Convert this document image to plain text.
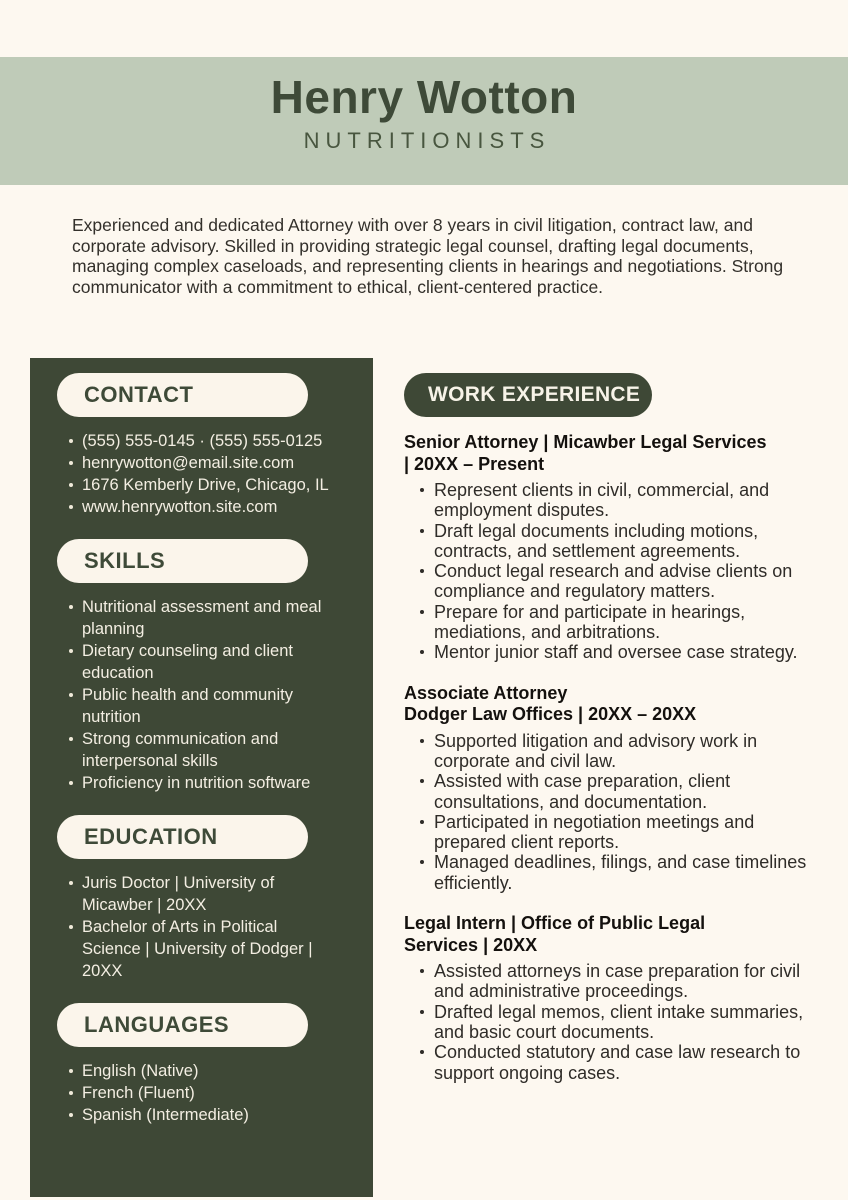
Henry Wotton
NUTRITIONISTS

Experienced and dedicated Attorney with over 8 years in civil litigation, contract law, and corporate advisory. Skilled in providing strategic legal counsel, drafting legal documents, managing complex caseloads, and representing clients in hearings and negotiations. Strong communicator with a commitment to ethical, client-centered practice.

CONTACT
(555) 555-0145 · (555) 555-0125
henrywotton@email.site.com
1676 Kemberly Drive, Chicago, IL
www.henrywotton.site.com
SKILLS
Nutritional assessment and meal planning
Dietary counseling and client education
Public health and community nutrition
Strong communication and interpersonal skills
Proficiency in nutrition software
EDUCATION
Juris Doctor | University of Micawber | 20XX
Bachelor of Arts in Political Science | University of Dodger | 20XX
LANGUAGES
English (Native)
French (Fluent)
Spanish (Intermediate)
WORK EXPERIENCE
Senior Attorney | Micawber Legal Services
| 20XX – Present
Represent clients in civil, commercial, and employment disputes.
Draft legal documents including motions, contracts, and settlement agreements.
Conduct legal research and advise clients on compliance and regulatory matters.
Prepare for and participate in hearings, mediations, and arbitrations.
Mentor junior staff and oversee case strategy.
Associate Attorney
Dodger Law Offices | 20XX – 20XX
Supported litigation and advisory work in corporate and civil law.
Assisted with case preparation, client consultations, and documentation.
Participated in negotiation meetings and prepared client reports.
Managed deadlines, filings, and case timelines efficiently.
Legal Intern | Office of Public Legal
Services | 20XX
Assisted attorneys in case preparation for civil and administrative proceedings.
Drafted legal memos, client intake summaries, and basic court documents.
Conducted statutory and case law research to support ongoing cases.
